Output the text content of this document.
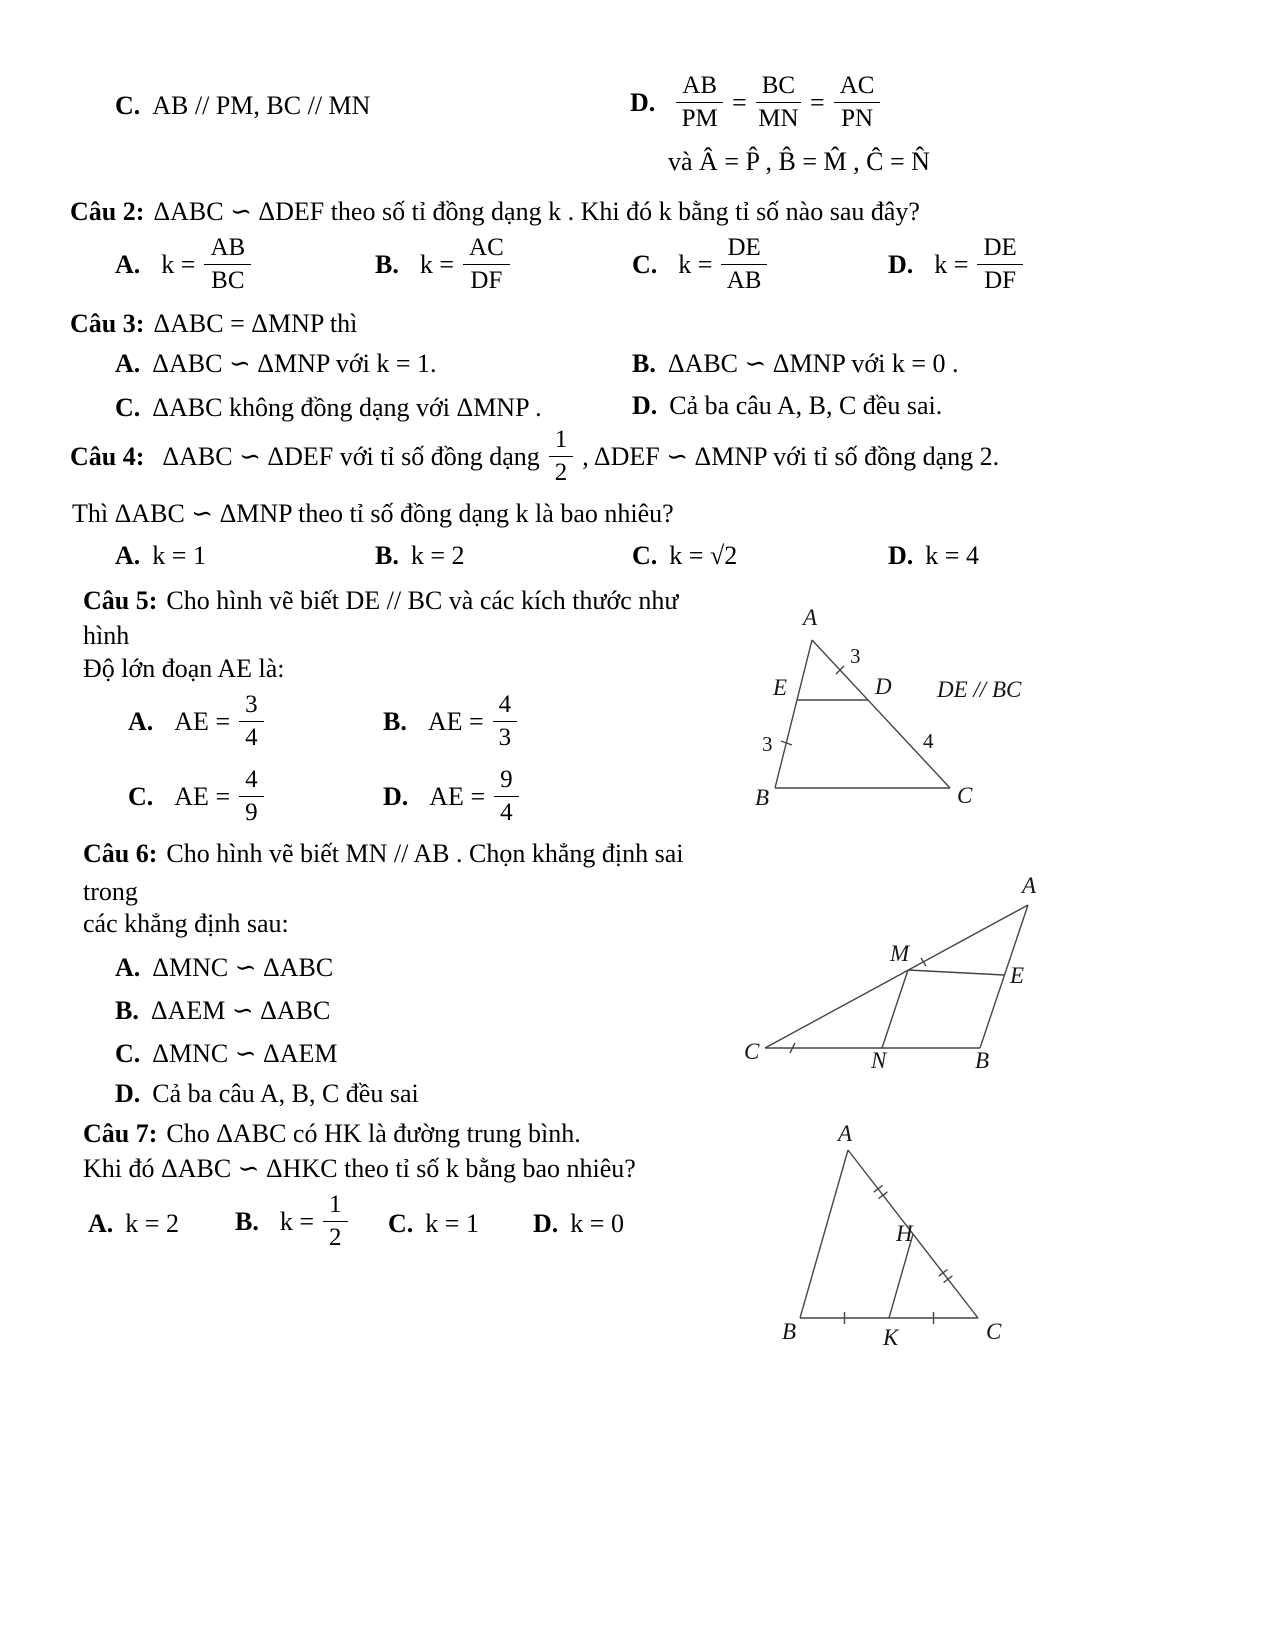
C. AB // PM, BC // MN	D. $\frac{AB}{PM} = \frac{BC}{MN} = \frac{AC}{PN}$
và Â = P̂ , B̂ = M̂ , Ĉ = N̂
Câu 2: ΔABC ∽ ΔDEF theo số tỉ đồng dạng k . Khi đó k bằng tỉ số nào sau đây?
A. $k = \frac{AB}{BC}$	B. $k = \frac{AC}{DF}$	C. $k = \frac{DE}{AB}$	D. $k = \frac{DE}{DF}$
Câu 3: ΔABC = ΔMNP thì
A. ΔABC ∽ ΔMNP với k = 1.	B. ΔABC ∽ ΔMNP với k = 0 .
C. ΔABC không đồng dạng với ΔMNP .	D. Cả ba câu A, B, C đều sai.
Câu 4: ΔABC ∽ ΔDEF với tỉ số đồng dạng $\frac{1}{2}$ , ΔDEF ∽ ΔMNP với tỉ số đồng dạng 2.
Thì ΔABC ∽ ΔMNP theo tỉ số đồng dạng k là bao nhiêu?
A. k = 1	B. k = 2	C. k = √2	D. k = 4
Câu 5: Cho hình vẽ biết DE // BC và các kích thước như
hình
Độ lớn đoạn AE là:
A. AE = $\frac{3}{4}$	B. AE = $\frac{4}{3}$
C. AE = $\frac{4}{9}$	D. AE = $\frac{9}{4}$
A
E	D
B	C
3
3	4
DE // BC
Câu 6: Cho hình vẽ biết MN // AB . Chọn khẳng định sai
trong
các khẳng định sau:
A. ΔMNC ∽ ΔABC
B. ΔAEM ∽ ΔABC
C. ΔMNC ∽ ΔAEM
D. Cả ba câu A, B, C đều sai
A
M
E
C	N	B
Câu 7: Cho ΔABC có HK là đường trung bình.
Khi đó ΔABC ∽ ΔHKC theo tỉ số k bằng bao nhiêu?
A. k = 2 B. $k = \frac{1}{2} C$. k = 1 D. k = 0
A
H
B	K	C
